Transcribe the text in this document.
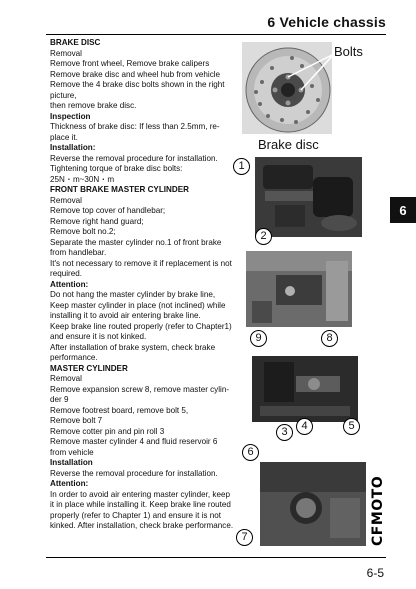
6 Vehicle chassis
BRAKE DISC
Removal
Remove front wheel, Remove brake calipers
Remove brake disc and wheel hub from vehicle
Remove the 4 brake disc bolts shown in the right
picture,
then remove brake disc.
Inspection
Thickness of brake disc: If less than 2.5mm, re-
place it.
Installation:
Reverse the removal procedure for installation.
Tightening torque of brake disc bolts:
25N・m~30N・m
FRONT BRAKE MASTER CYLINDER
Removal
Remove top cover of handlebar;
Remove right hand guard;
Remove bolt no.2;
Separate the master cylinder no.1 of front brake
from handlebar.
It's not necessary to remove it if replacement is not
required.
Attention:
Do not hang the master cylinder by brake line,
Keep master cylinder in place (not inclined) while
installing it to avoid air entering brake line.
Keep brake line routed properly (refer to Chapter1)
and ensure it is not kinked.
After installation of brake system, check brake
performance.
MASTER CYLINDER
Removal
Remove expansion screw 8, remove master cylin-
der 9
Remove footrest board, remove bolt 5,
Remove bolt 7
Remove cotter pin and pin roll 3
Remove master cylinder 4 and fluid reservoir 6
from vehicle
Installation
Reverse the removal procedure for installation.
Attention:
In order to avoid air entering master cylinder, keep
it in place while installing it. Keep brake line routed
properly (refer to Chapter 1) and ensure it is not
kinked. After installation, check brake performance.
6
Bolts
Brake disc
1
2
9	8
3	4	5
6
7	CFMOTO
6-5
